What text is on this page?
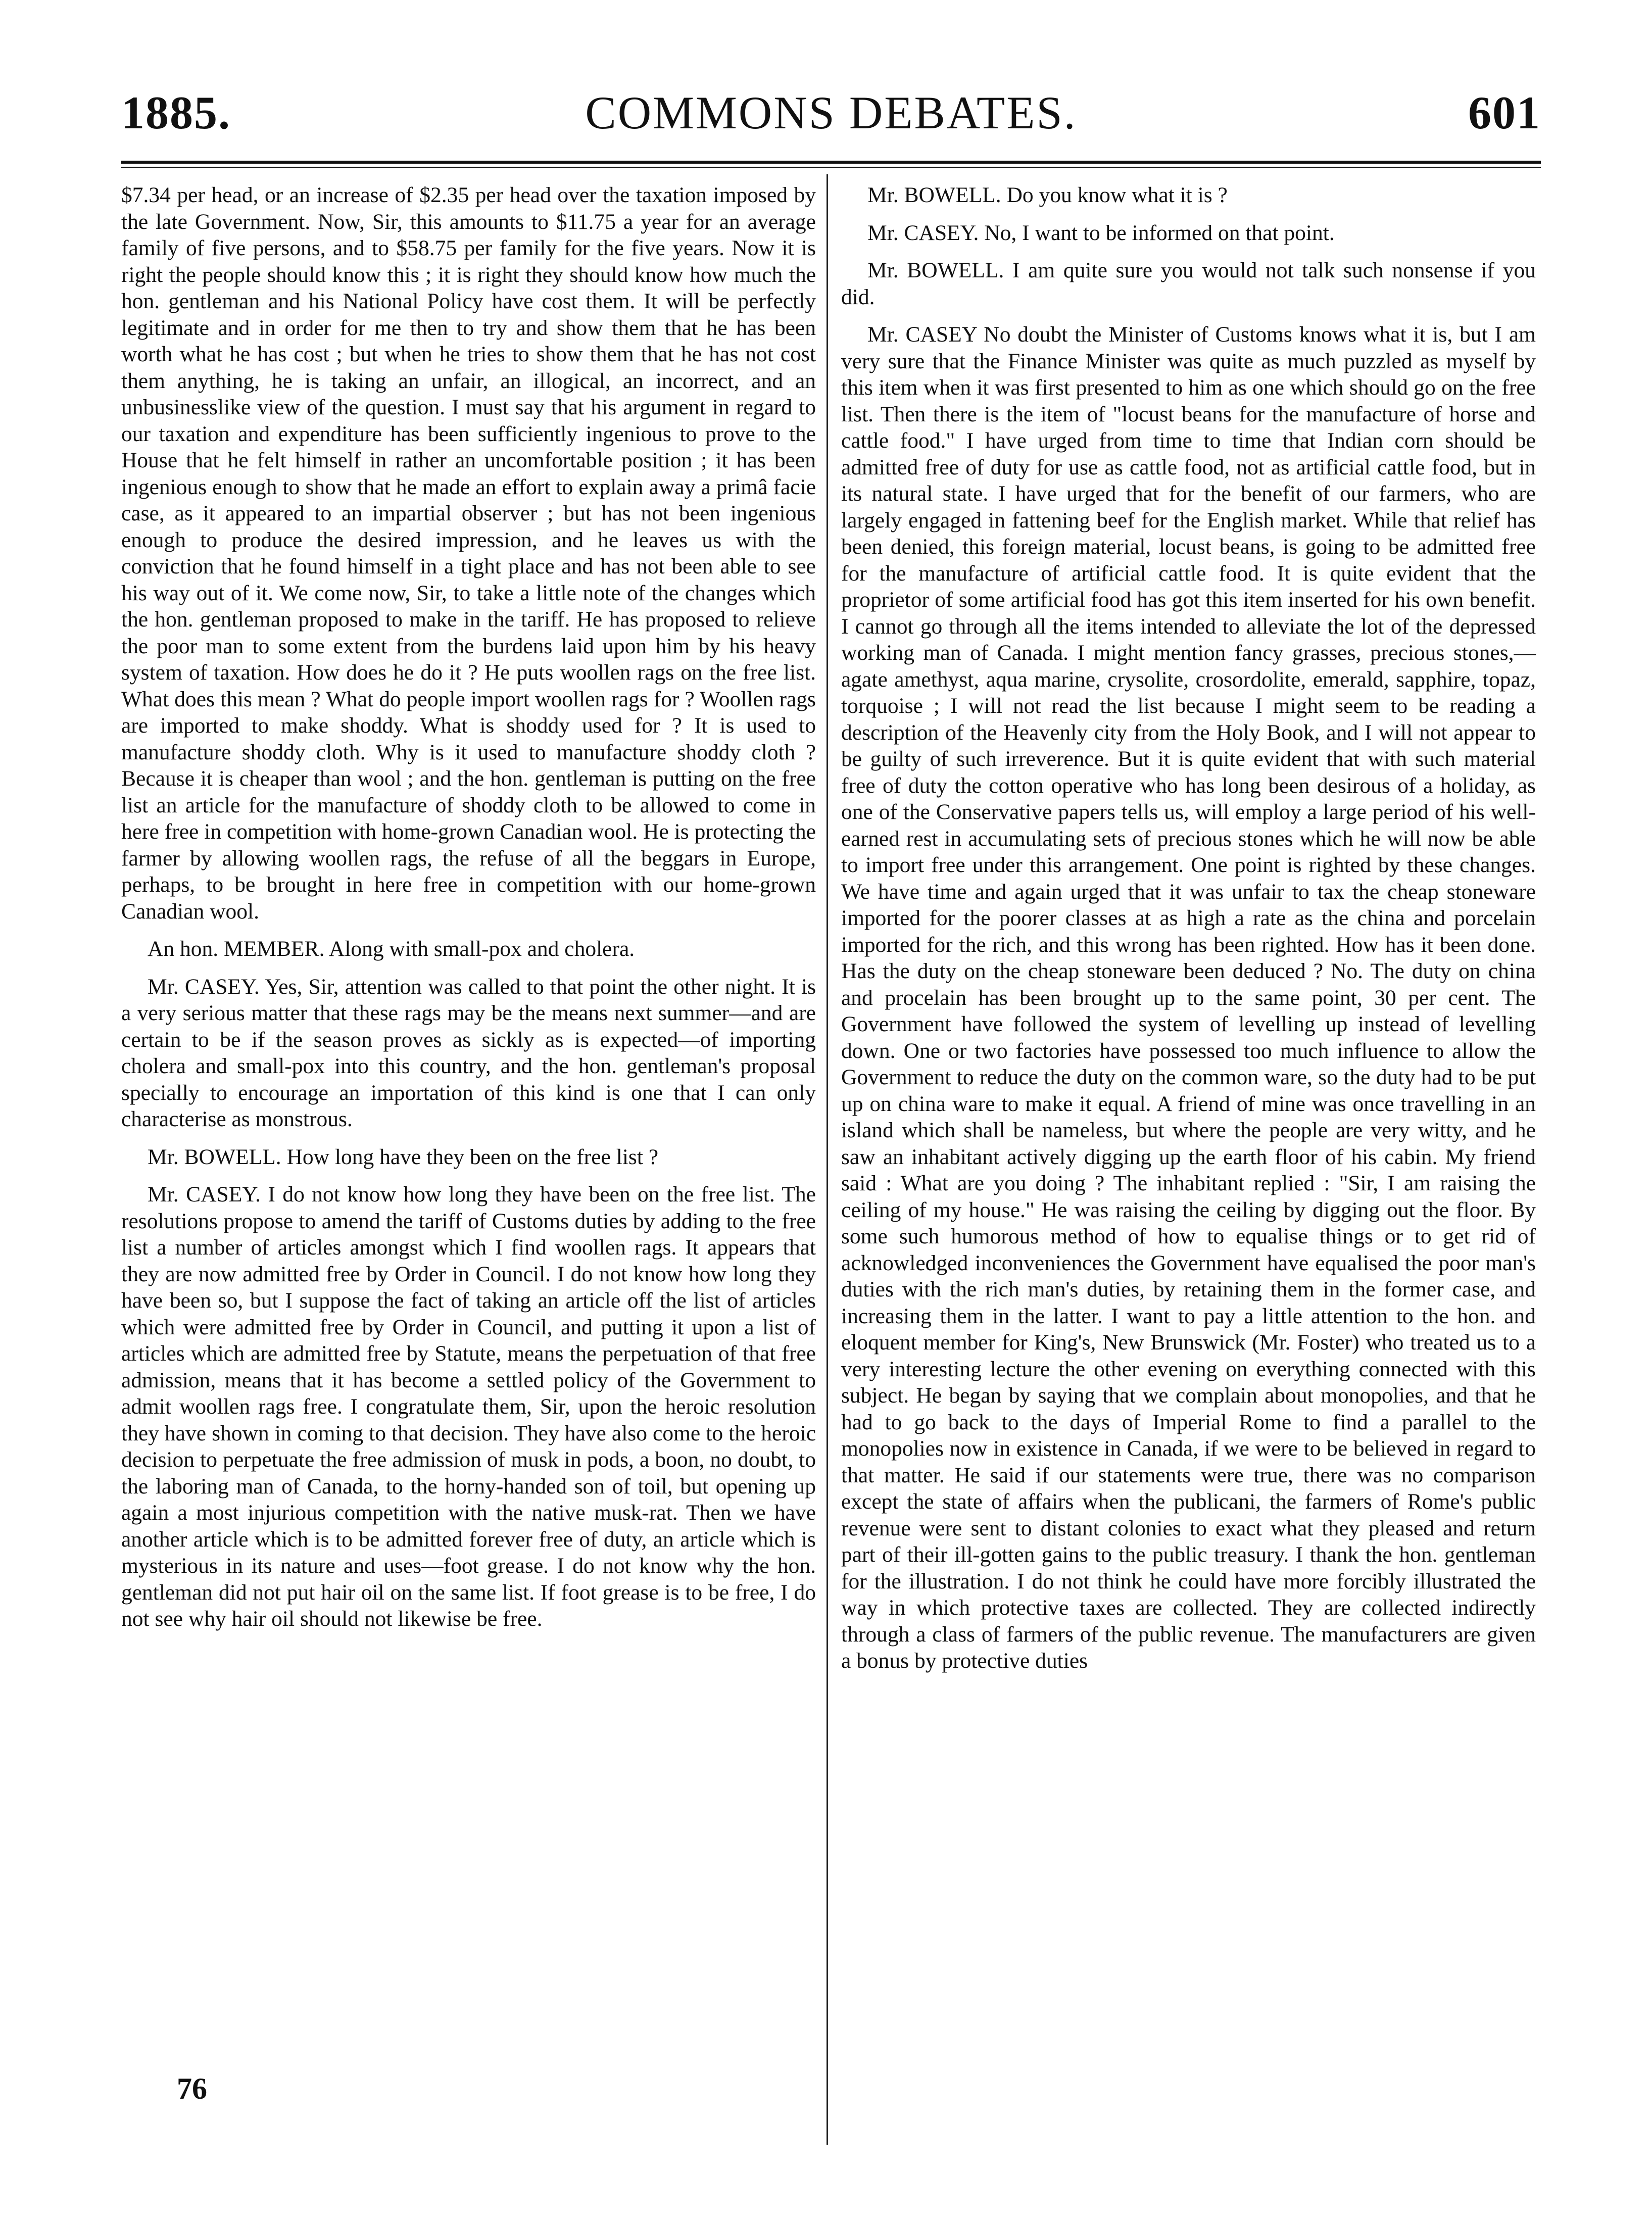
1885.	COMMONS DEBATES.	601

$7.34 per head, or an increase of $2.35 per head over the taxation imposed by the late Government. Now, Sir, this amounts to $11.75 a year for an average family of five persons, and to $58.75 per family for the five years. Now it is right the people should know this ; it is right they should know how much the hon. gentleman and his National Policy have cost them. It will be perfectly legitimate and in order for me then to try and show them that he has been worth what he has cost ; but when he tries to show them that he has not cost them anything, he is taking an unfair, an illogical, an incorrect, and an unbusinesslike view of the question. I must say that his argument in regard to our taxation and expenditure has been sufficiently ingenious to prove to the House that he felt himself in rather an uncomfortable position ; it has been ingenious enough to show that he made an effort to explain away a primâ facie case, as it appeared to an impartial observer ; but has not been ingenious enough to produce the desired impression, and he leaves us with the conviction that he found himself in a tight place and has not been able to see his way out of it. We come now, Sir, to take a little note of the changes which the hon. gentleman proposed to make in the tariff. He has proposed to relieve the poor man to some extent from the burdens laid upon him by his heavy system of taxation. How does he do it ? He puts woollen rags on the free list. What does this mean ? What do people import woollen rags for ? Woollen rags are imported to make shoddy. What is shoddy used for ? It is used to manufacture shoddy cloth. Why is it used to manufacture shoddy cloth ? Because it is cheaper than wool ; and the hon. gentleman is putting on the free list an article for the manufacture of shoddy cloth to be allowed to come in here free in competition with home-grown Canadian wool. He is protecting the farmer by allowing woollen rags, the refuse of all the beggars in Europe, perhaps, to be brought in here free in competition with our home-grown Canadian wool.

An hon. MEMBER. Along with small-pox and cholera.

Mr. CASEY. Yes, Sir, attention was called to that point the other night. It is a very serious matter that these rags may be the means next summer—and are certain to be if the season proves as sickly as is expected—of importing cholera and small-pox into this country, and the hon. gentleman's proposal specially to encourage an importation of this kind is one that I can only characterise as monstrous.

Mr. BOWELL. How long have they been on the free list ?

Mr. CASEY. I do not know how long they have been on the free list. The resolutions propose to amend the tariff of Customs duties by adding to the free list a number of articles amongst which I find woollen rags. It appears that they are now admitted free by Order in Council. I do not know how long they have been so, but I suppose the fact of taking an article off the list of articles which were admitted free by Order in Council, and putting it upon a list of articles which are admitted free by Statute, means the perpetuation of that free admission, means that it has become a settled policy of the Government to admit woollen rags free. I congratulate them, Sir, upon the heroic resolution they have shown in coming to that decision. They have also come to the heroic decision to perpetuate the free admission of musk in pods, a boon, no doubt, to the laboring man of Canada, to the horny-handed son of toil, but opening up again a most injurious competition with the native musk-rat. Then we have another article which is to be admitted forever free of duty, an article which is mysterious in its nature and uses—foot grease. I do not know why the hon. gentleman did not put hair oil on the same list. If foot grease is to be free, I do not see why hair oil should not likewise be free.

Mr. BOWELL. Do you know what it is ?

Mr. CASEY. No, I want to be informed on that point.

Mr. BOWELL. I am quite sure you would not talk such nonsense if you did.

Mr. CASEY No doubt the Minister of Customs knows what it is, but I am very sure that the Finance Minister was quite as much puzzled as myself by this item when it was first presented to him as one which should go on the free list. Then there is the item of "locust beans for the manufacture of horse and cattle food." I have urged from time to time that Indian corn should be admitted free of duty for use as cattle food, not as artificial cattle food, but in its natural state. I have urged that for the benefit of our farmers, who are largely engaged in fattening beef for the English market. While that relief has been denied, this foreign material, locust beans, is going to be admitted free for the manufacture of artificial cattle food. It is quite evident that the proprietor of some artificial food has got this item inserted for his own benefit. I cannot go through all the items intended to alleviate the lot of the depressed working man of Canada. I might mention fancy grasses, precious stones,—agate amethyst, aqua marine, crysolite, crosordolite, emerald, sapphire, topaz, torquoise ; I will not read the list because I might seem to be reading a description of the Heavenly city from the Holy Book, and I will not appear to be guilty of such irreverence. But it is quite evident that with such material free of duty the cotton operative who has long been desirous of a holiday, as one of the Conservative papers tells us, will employ a large period of his well-earned rest in accumulating sets of precious stones which he will now be able to import free under this arrangement. One point is righted by these changes. We have time and again urged that it was unfair to tax the cheap stoneware imported for the poorer classes at as high a rate as the china and porcelain imported for the rich, and this wrong has been righted. How has it been done. Has the duty on the cheap stoneware been deduced ? No. The duty on china and procelain has been brought up to the same point, 30 per cent. The Government have followed the system of levelling up instead of levelling down. One or two factories have possessed too much influence to allow the Government to reduce the duty on the common ware, so the duty had to be put up on china ware to make it equal. A friend of mine was once travelling in an island which shall be nameless, but where the people are very witty, and he saw an inhabitant actively digging up the earth floor of his cabin. My friend said : What are you doing ? The inhabitant replied : "Sir, I am raising the ceiling of my house." He was raising the ceiling by digging out the floor. By some such humorous method of how to equalise things or to get rid of acknowledged inconveniences the Government have equalised the poor man's duties with the rich man's duties, by retaining them in the former case, and increasing them in the latter. I want to pay a little attention to the hon. and eloquent member for King's, New Brunswick (Mr. Foster) who treated us to a very interesting lecture the other evening on everything connected with this subject. He began by saying that we complain about monopolies, and that he had to go back to the days of Imperial Rome to find a parallel to the monopolies now in existence in Canada, if we were to be believed in regard to that matter. He said if our statements were true, there was no comparison except the state of affairs when the publicani, the farmers of Rome's public revenue were sent to distant colonies to exact what they pleased and return part of their ill-gotten gains to the public treasury. I thank the hon. gentleman for the illustration. I do not think he could have more forcibly illustrated the way in which protective taxes are collected. They are collected indirectly through a class of farmers of the public revenue. The manufacturers are given a bonus by protective duties

76
